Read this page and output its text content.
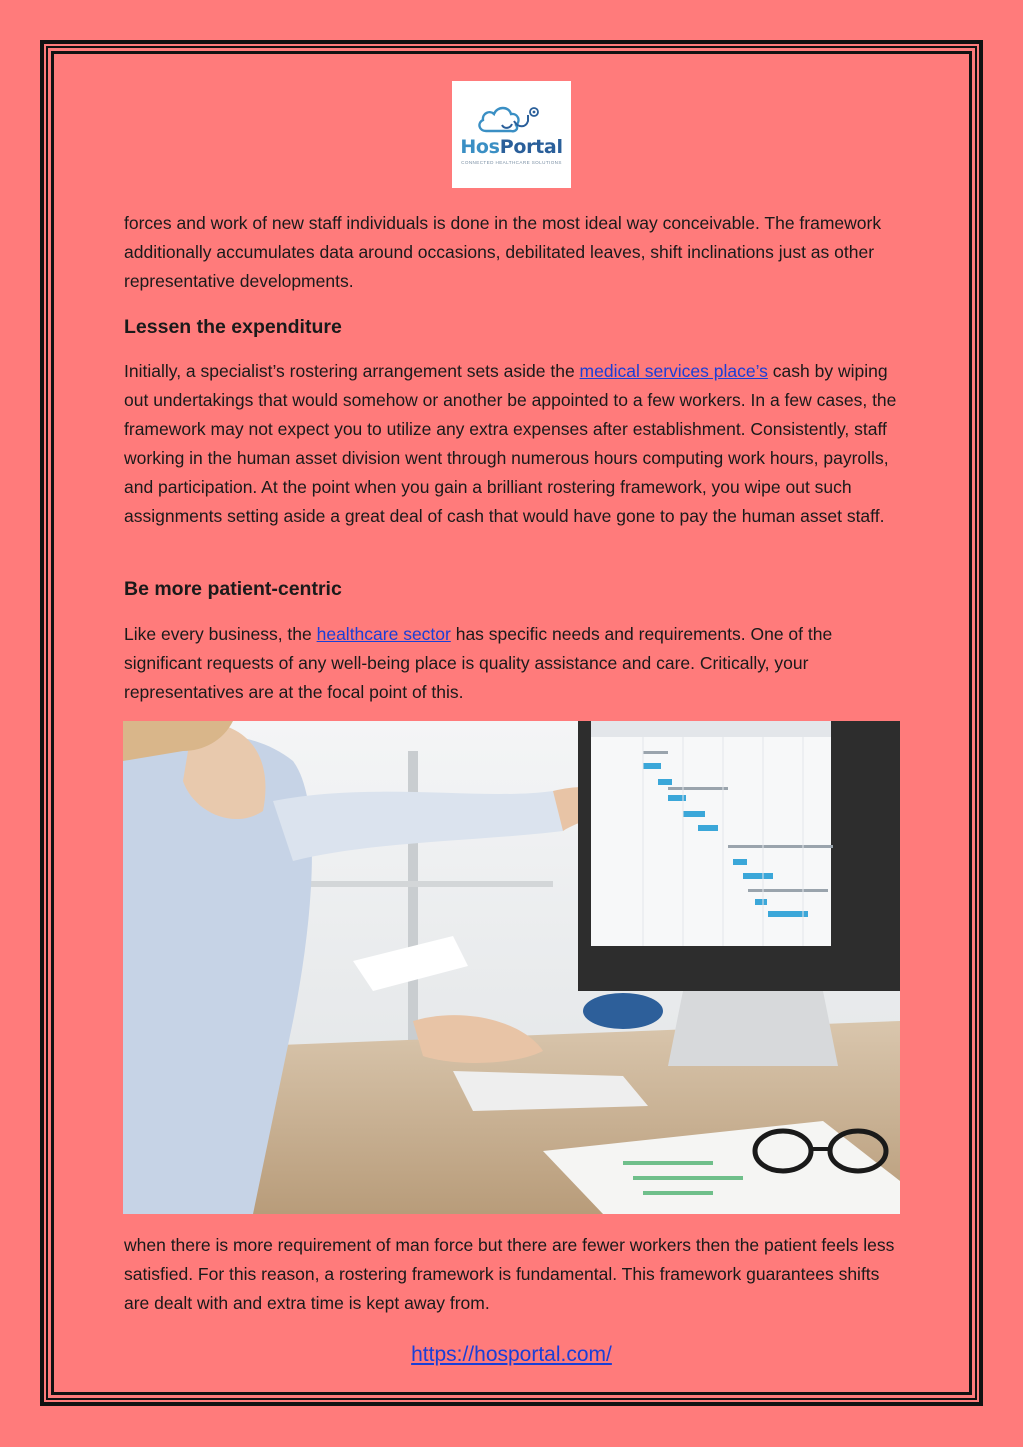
HosPortal
CONNECTED HEALTHCARE SOLUTIONS

forces and work of new staff individuals is done in the most ideal way conceivable. The framework additionally accumulates data around occasions, debilitated leaves, shift inclinations just as other representative developments.

Lessen the expenditure

Initially, a specialist’s rostering arrangement sets aside the medical services place’s cash by wiping out undertakings that would somehow or another be appointed to a few workers. In a few cases, the framework may not expect you to utilize any extra expenses after establishment. Consistently, staff working in the human asset division went through numerous hours computing work hours, payrolls, and participation. At the point when you gain a brilliant rostering framework, you wipe out such assignments setting aside a great deal of cash that would have gone to pay the human asset staff.

Be more patient-centric

Like every business, the healthcare sector has specific needs and requirements. One of the significant requests of any well-being place is quality assistance and care. Critically, your representatives are at the focal point of this.

when there is more requirement of man force but there are fewer workers then the patient feels less satisfied. For this reason, a rostering framework is fundamental. This framework guarantees shifts are dealt with and extra time is kept away from.

https://hosportal.com/
